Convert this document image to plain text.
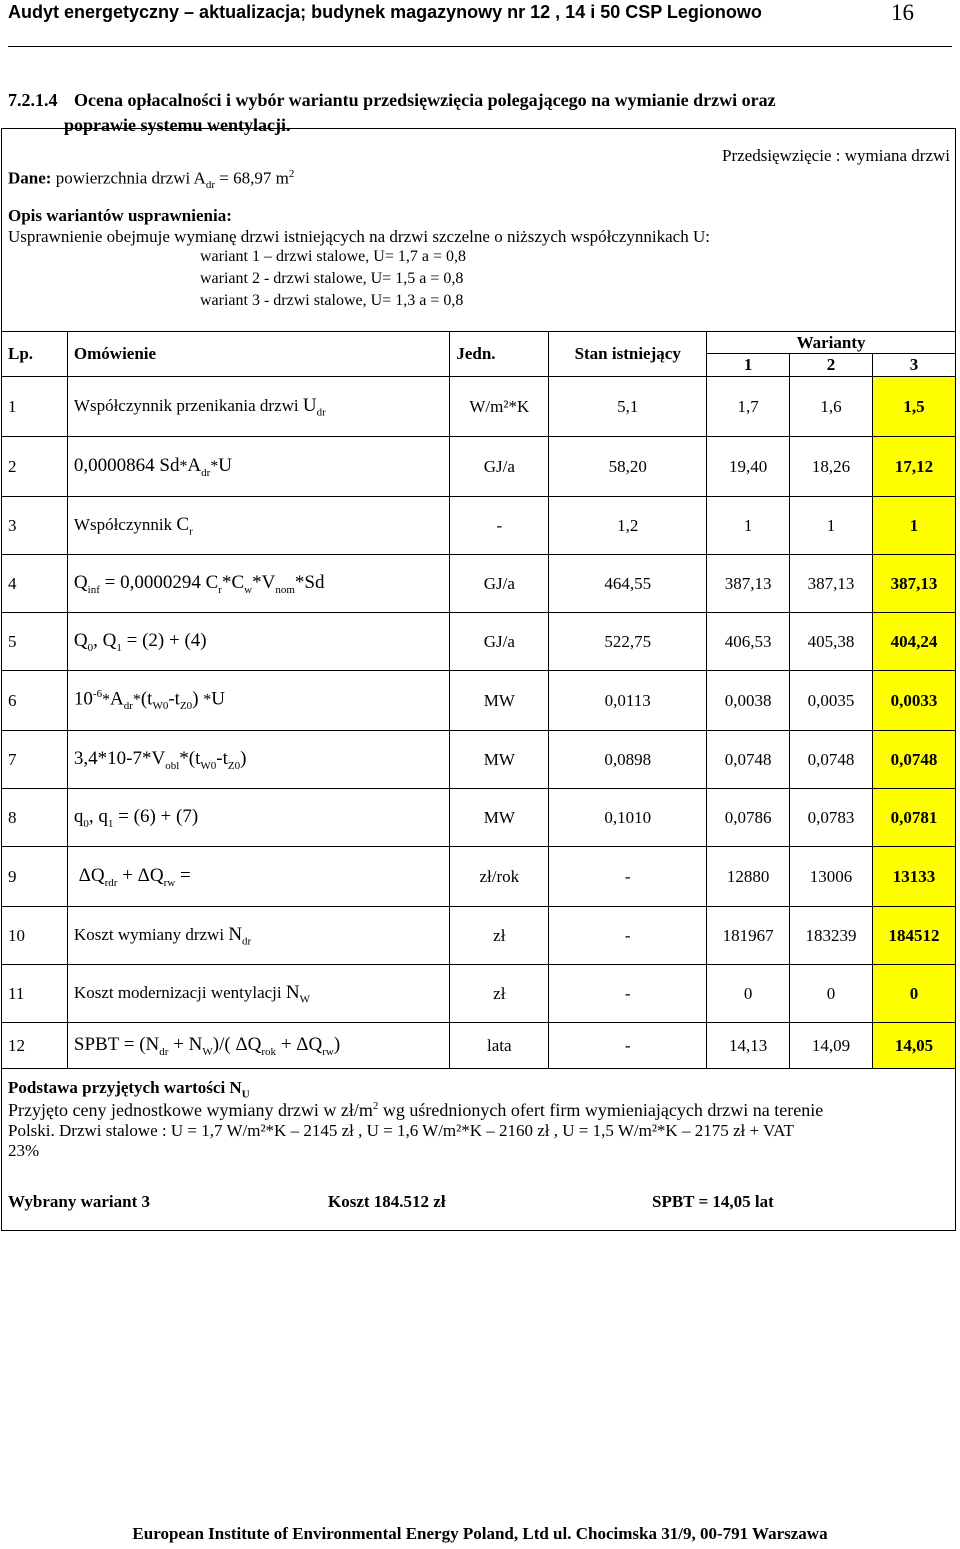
Audyt energetyczny – aktualizacja; budynek magazynowy nr 12 , 14 i 50 CSP Legionowo	16
7.2.1.4 Ocena opłacalności i wybór wariantu przedsięwzięcia polegającego na wymianie drzwi oraz
poprawie systemu wentylacji.
Przedsięwzięcie : wymiana drzwi
Dane: powierzchnia drzwi $A_{dr} = 68,97$ $m^2$
Opis wariantów usprawnienia:
Usprawnienie obejmuje wymianę drzwi istniejących na drzwi szczelne o niższych współczynnikach U:
wariant 1 – drzwi stalowe, U= 1,7 a = 0,8
wariant 2 - drzwi stalowe, U= 1,5 a = 0,8
wariant 3 - drzwi stalowe, U= 1,3 a = 0,8
Lp.	Omówienie	Jedn.	Stan istniejący	Warianty		
				1	2	3
1	Współczynnik przenikania drzwi $U_{dr}$	W/m²*K	5,1	1,7	1,6	1,5
2	0,0000864 $Sd*A_{dr}*U$	GJ/a	58,20	19,40	18,26	17,12
3	Współczynnik $C_r$	-	1,2	1	1	1
4	$Q_{inf} = 0,0000294$ $C_r*C_w*V_{nom}*Sd$	GJ/a	464,55	387,13	387,13	387,13
5	$Q_0$, $Q_1 = (2) + (4)$	GJ/a	522,75	406,53	405,38	404,24
6	$10^{-6}*A_{dr}*(t_{W0}-t_{Z0})$ *U	MW	0,0113	0,0038	0,0035	0,0033
7	$3,4*10-7*V_{obl}*(t_{W0}-t_{Z0})$	MW	0,0898	0,0748	0,0748	0,0748
8	$q_0$, $q_1 = (6) + (7)$	MW	0,1010	0,0786	0,0783	0,0781
9	$\Delta Q_{rdr} + \Delta Q_{rw}$ =	zł/rok	-	12880	13006	13133
10	Koszt wymiany drzwi $N_{dr}$	zł	-	181967	183239	184512
11	Koszt modernizacji wentylacji $N_W$	zł	-	0	0	0
12	SPBT = $(N_{dr} + N_W)/$( $\Delta Q_{rok} + \Delta Q_{rw}$)	lata	-	14,13	14,09	14,05
Podstawa przyjętych wartości $N_U$
Przyjęto ceny jednostkowe wymiany drzwi w $zł/m^2$ wg uśrednionych ofert firm wymieniających drzwi na terenie
Polski. Drzwi stalowe : U = 1,7 W/m²*K – 2145 zł , U = 1,6 W/m²*K – 2160 zł , U = 1,5 W/m²*K – 2175 zł + VAT
23%
Wybrany wariant 3	Koszt 184.512 zł	SPBT = 14,05 lat
European Institute of Environmental Energy Poland, Ltd ul. Chocimska 31/9, 00-791 Warszawa
